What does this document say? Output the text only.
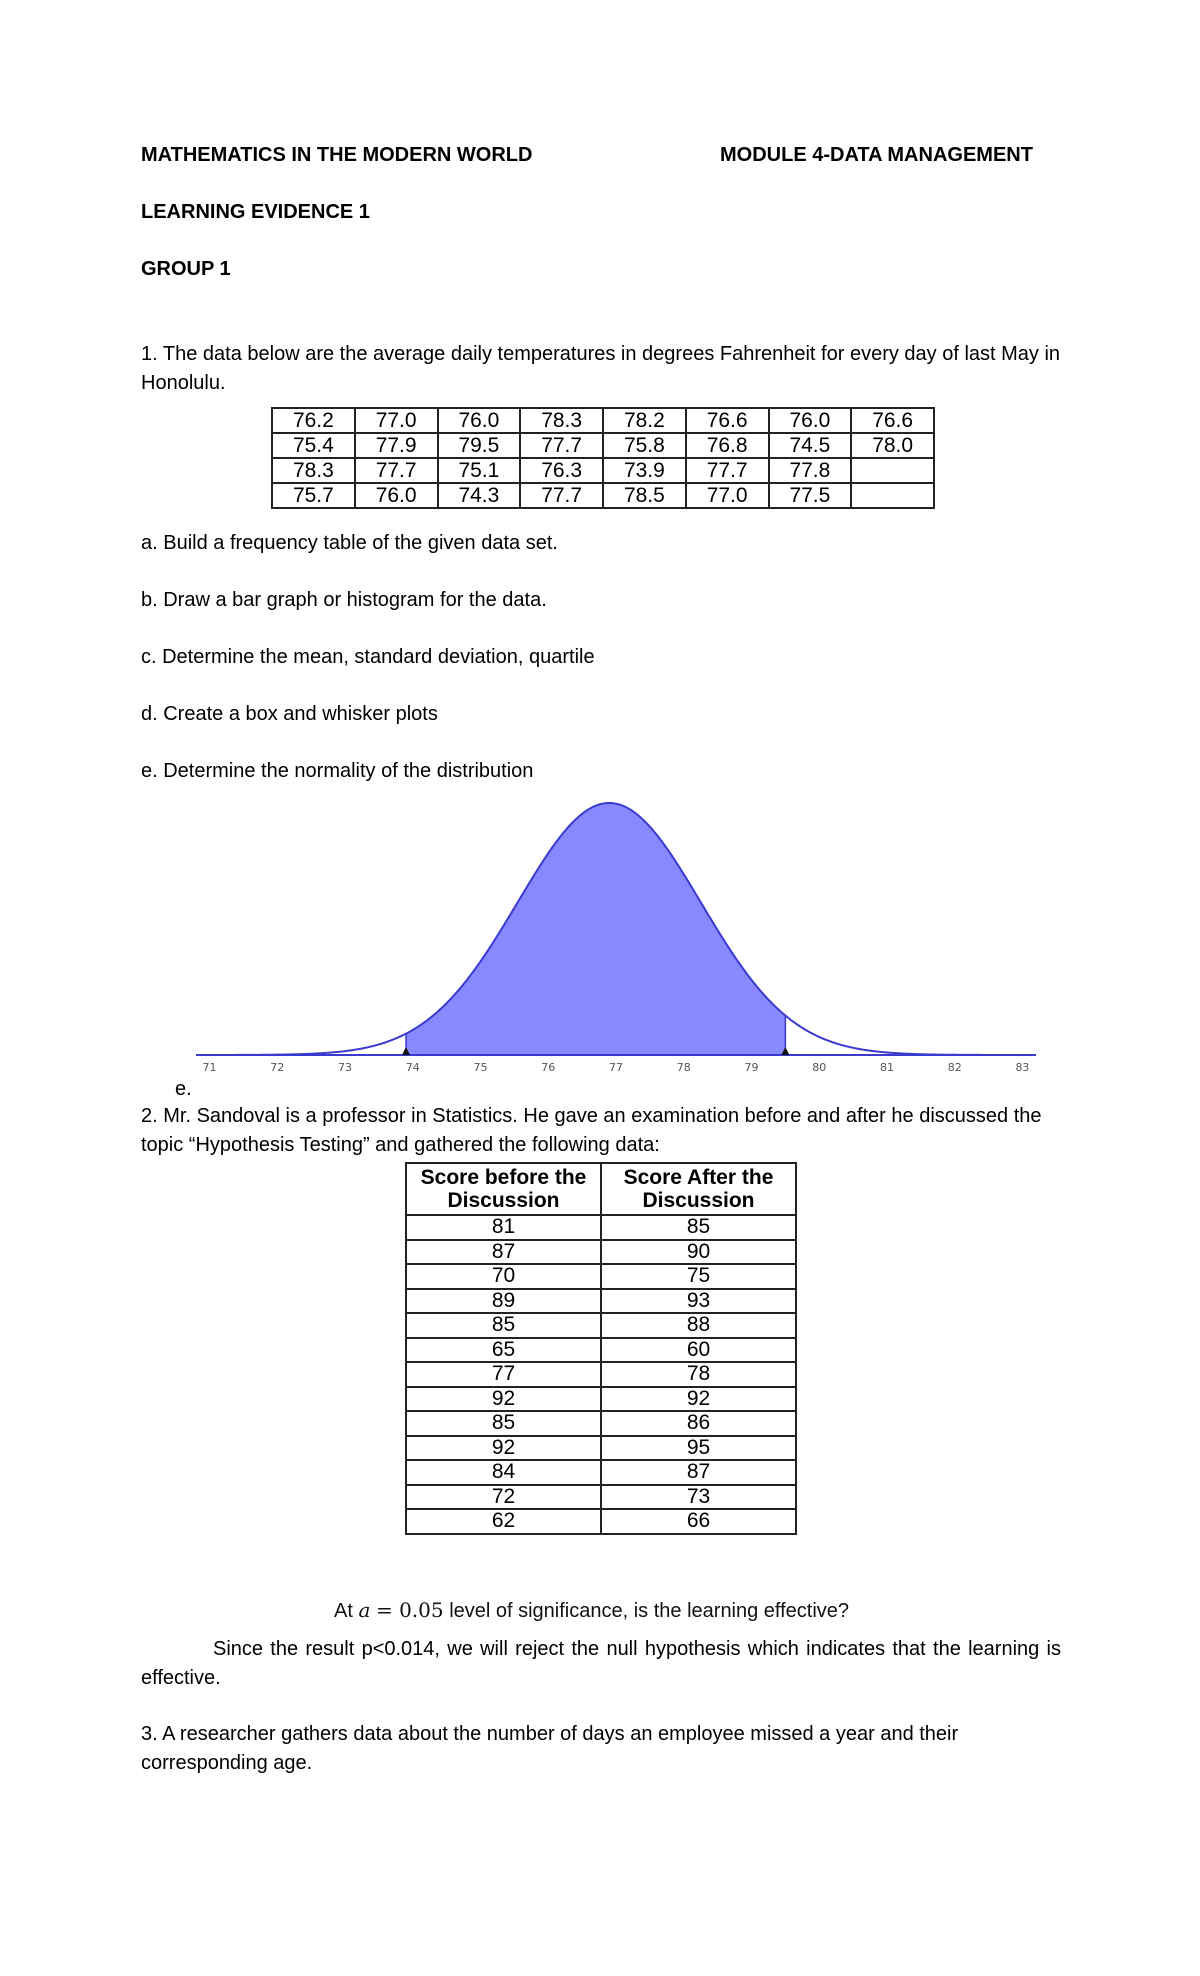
MATHEMATICS IN THE MODERN WORLD	MODULE 4-DATA MANAGEMENT

LEARNING EVIDENCE 1

GROUP 1

1. The data below are the average daily temperatures in degrees Fahrenheit for every day of last May in Honolulu.

76.2	77.0	76.0	78.3	78.2	76.6	76.0	76.6
75.4	77.9	79.5	77.7	75.8	76.8	74.5	78.0
78.3	77.7	75.1	76.3	73.9	77.7	77.8	
75.7	76.0	74.3	77.7	78.5	77.0	77.5	

a. Build a frequency table of the given data set.

b. Draw a bar graph or histogram for the data.

c. Determine the mean, standard deviation, quartile

d. Create a box and whisker plots

e. Determine the normality of the distribution

71	72	73	74	75	76	77	78	79	80	81	82	83

e.

2. Mr. Sandoval is a professor in Statistics. He gave an examination before and after he discussed the topic “Hypothesis Testing” and gathered the following data:

Score before the Discussion	Score After the Discussion
81	85
87	90
70	75
89	93
85	88
65	60
77	78
92	92
85	86
92	95
84	87
72	73
62	66
At a = 0.05 level of significance, is the learning effective?

Since the result p<0.014, we will reject the null hypothesis which indicates that the learning is effective.

3. A researcher gathers data about the number of days an employee missed a year and their corresponding age.
